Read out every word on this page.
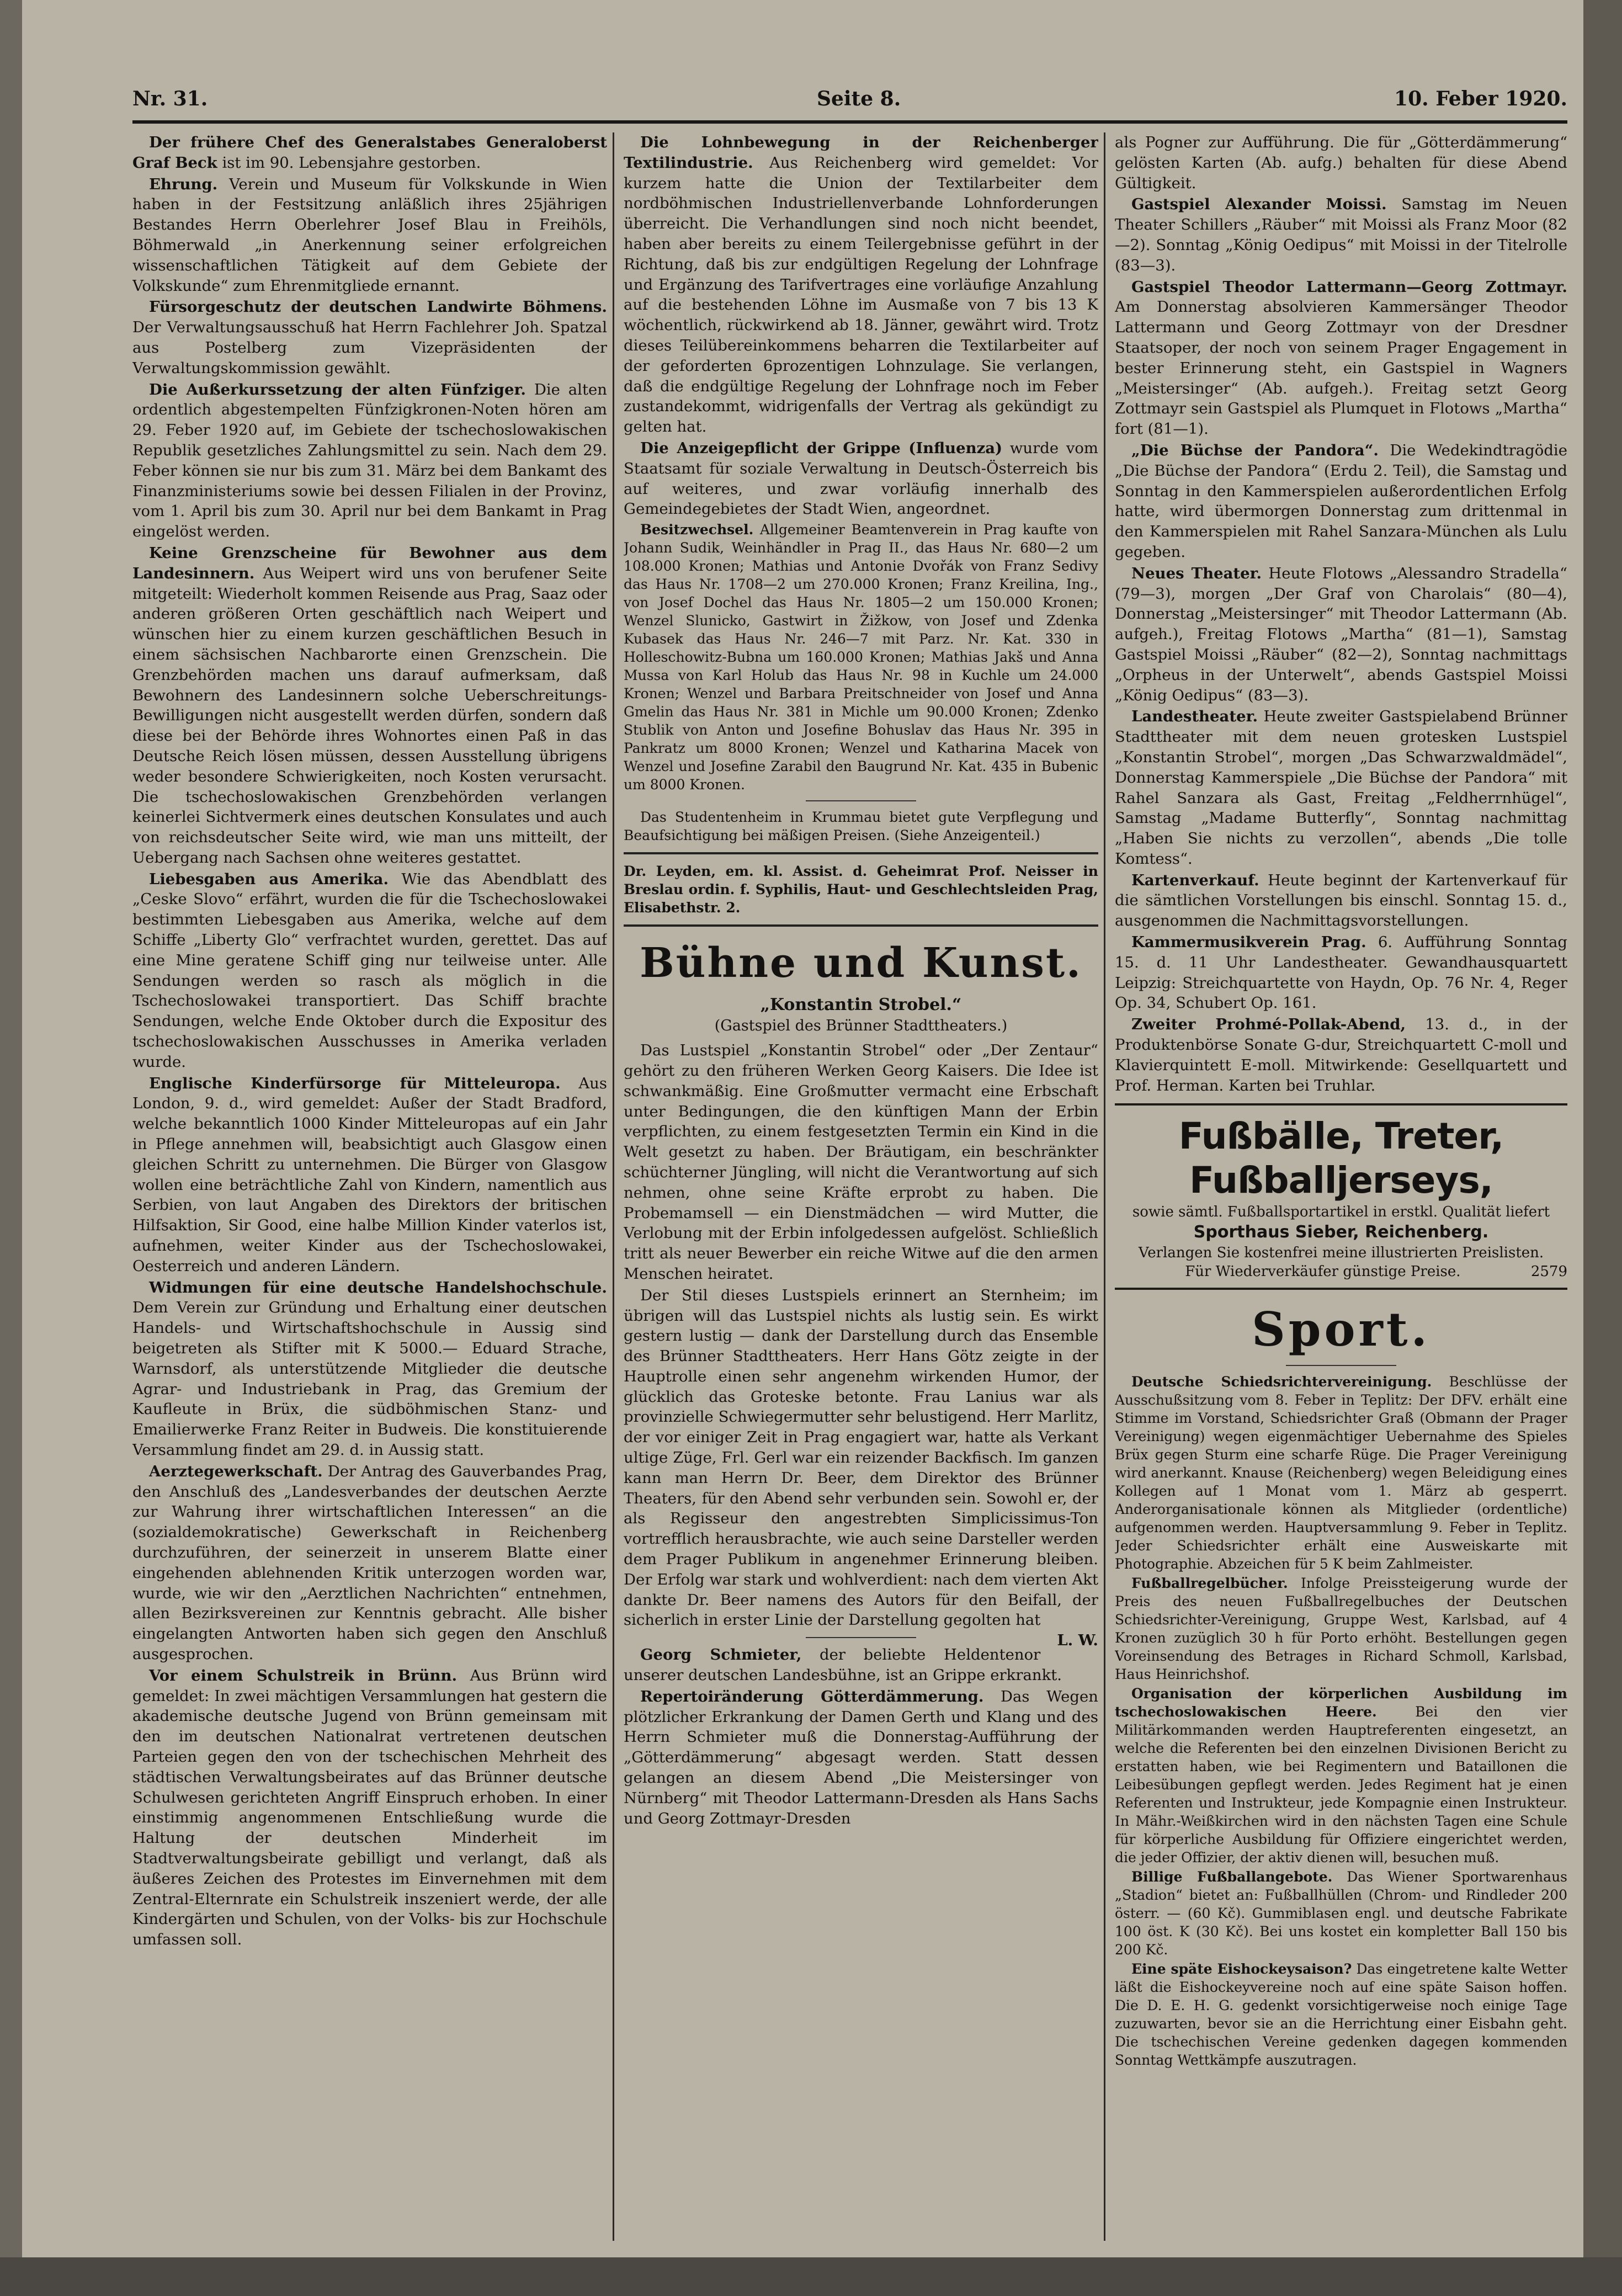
Nr. 31.	Seite 8.	10. Feber 1920.

Der frühere Chef des Generalstabes Generaloberst Graf Beck ist im 90. Lebensjahre gestorben.

Ehrung. Verein und Museum für Volkskunde in Wien haben in der Festsitzung anläßlich ihres 25jährigen Bestandes Herrn Oberlehrer Josef Blau in Freihöls, Böhmerwald „in Anerkennung seiner erfolgreichen wissenschaftlichen Tätigkeit auf dem Gebiete der Volkskunde“ zum Ehrenmitgliede ernannt.

Fürsorgeschutz der deutschen Landwirte Böhmens. Der Verwaltungsausschuß hat Herrn Fachlehrer Joh. Spatzal aus Postelberg zum Vizepräsidenten der Verwaltungskommission gewählt.

Die Außerkurssetzung der alten Fünfziger. Die alten ordentlich abgestempelten Fünfzigkronen-Noten hören am 29. Feber 1920 auf, im Gebiete der tschechoslowakischen Republik gesetzliches Zahlungsmittel zu sein. Nach dem 29. Feber können sie nur bis zum 31. März bei dem Bankamt des Finanzministeriums sowie bei dessen Filialen in der Provinz, vom 1. April bis zum 30. April nur bei dem Bankamt in Prag eingelöst werden.

Keine Grenzscheine für Bewohner aus dem Landesinnern. Aus Weipert wird uns von berufener Seite mitgeteilt: Wiederholt kommen Reisende aus Prag, Saaz oder anderen größeren Orten geschäftlich nach Weipert und wünschen hier zu einem kurzen geschäftlichen Besuch in einem sächsischen Nachbarorte einen Grenzschein. Die Grenzbehörden machen uns darauf aufmerksam, daß Bewohnern des Landesinnern solche Ueberschreitungs-Bewilligungen nicht ausgestellt werden dürfen, sondern daß diese bei der Behörde ihres Wohnortes einen Paß in das Deutsche Reich lösen müssen, dessen Ausstellung übrigens weder besondere Schwierigkeiten, noch Kosten verursacht. Die tschechoslowakischen Grenzbehörden verlangen keinerlei Sichtvermerk eines deutschen Konsulates und auch von reichsdeutscher Seite wird, wie man uns mitteilt, der Uebergang nach Sachsen ohne weiteres gestattet.

Liebesgaben aus Amerika. Wie das Abendblatt des „Ceske Slovo“ erfährt, wurden die für die Tschechoslowakei bestimmten Liebesgaben aus Amerika, welche auf dem Schiffe „Liberty Glo“ verfrachtet wurden, gerettet. Das auf eine Mine geratene Schiff ging nur teilweise unter. Alle Sendungen werden so rasch als möglich in die Tschechoslowakei transportiert. Das Schiff brachte Sendungen, welche Ende Oktober durch die Expositur des tschechoslowakischen Ausschusses in Amerika verladen wurde.

Englische Kinderfürsorge für Mitteleuropa. Aus London, 9. d., wird gemeldet: Außer der Stadt Bradford, welche bekanntlich 1000 Kinder Mitteleuropas auf ein Jahr in Pflege annehmen will, beabsichtigt auch Glasgow einen gleichen Schritt zu unternehmen. Die Bürger von Glasgow wollen eine beträchtliche Zahl von Kindern, namentlich aus Serbien, von laut Angaben des Direktors der britischen Hilfsaktion, Sir Good, eine halbe Million Kinder vaterlos ist, aufnehmen, weiter Kinder aus der Tschechoslowakei, Oesterreich und anderen Ländern.

Widmungen für eine deutsche Handelshochschule. Dem Verein zur Gründung und Erhaltung einer deutschen Handels- und Wirtschaftshochschule in Aussig sind beigetreten als Stifter mit K 5000.— Eduard Strache, Warnsdorf, als unterstützende Mitglieder die deutsche Agrar- und Industriebank in Prag, das Gremium der Kaufleute in Brüx, die südböhmischen Stanz- und Emailierwerke Franz Reiter in Budweis. Die konstituierende Versammlung findet am 29. d. in Aussig statt.

Aerztegewerkschaft. Der Antrag des Gauverbandes Prag, den Anschluß des „Landesverbandes der deutschen Aerzte zur Wahrung ihrer wirtschaftlichen Interessen“ an die (sozialdemokratische) Gewerkschaft in Reichenberg durchzuführen, der seinerzeit in unserem Blatte einer eingehenden ablehnenden Kritik unterzogen worden war, wurde, wie wir den „Aerztlichen Nachrichten“ entnehmen, allen Bezirksvereinen zur Kenntnis gebracht. Alle bisher eingelangten Antworten haben sich gegen den Anschluß ausgesprochen.

Vor einem Schulstreik in Brünn. Aus Brünn wird gemeldet: In zwei mächtigen Versammlungen hat gestern die akademische deutsche Jugend von Brünn gemeinsam mit den im deutschen Nationalrat vertretenen deutschen Parteien gegen den von der tschechischen Mehrheit des städtischen Verwaltungsbeirates auf das Brünner deutsche Schulwesen gerichteten Angriff Einspruch erhoben. In einer einstimmig angenommenen Entschließung wurde die Haltung der deutschen Minderheit im Stadtverwaltungsbeirate gebilligt und verlangt, daß als äußeres Zeichen des Protestes im Einvernehmen mit dem Zentral-Elternrate ein Schulstreik inszeniert werde, der alle Kindergärten und Schulen, von der Volks- bis zur Hochschule umfassen soll.

Die Lohnbewegung in der Reichenberger Textilindustrie. Aus Reichenberg wird gemeldet: Vor kurzem hatte die Union der Textilarbeiter dem nordböhmischen Industriellenverbande Lohnforderungen überreicht. Die Verhandlungen sind noch nicht beendet, haben aber bereits zu einem Teilergebnisse geführt in der Richtung, daß bis zur endgültigen Regelung der Lohnfrage und Ergänzung des Tarifvertrages eine vorläufige Anzahlung auf die bestehenden Löhne im Ausmaße von 7 bis 13 K wöchentlich, rückwirkend ab 18. Jänner, gewährt wird. Trotz dieses Teilübereinkommens beharren die Textilarbeiter auf der geforderten 6prozentigen Lohnzulage. Sie verlangen, daß die endgültige Regelung der Lohnfrage noch im Feber zustandekommt, widrigenfalls der Vertrag als gekündigt zu gelten hat.

Die Anzeigepflicht der Grippe (Influenza) wurde vom Staatsamt für soziale Verwaltung in Deutsch-Österreich bis auf weiteres, und zwar vorläufig innerhalb des Gemeindegebietes der Stadt Wien, angeordnet.

Besitzwechsel. Allgemeiner Beamtenverein in Prag kaufte von Johann Sudik, Weinhändler in Prag II., das Haus Nr. 680—2 um 108.000 Kronen; Mathias und Antonie Dvořák von Franz Sedivy das Haus Nr. 1708—2 um 270.000 Kronen; Franz Kreilina, Ing., von Josef Dochel das Haus Nr. 1805—2 um 150.000 Kronen; Wenzel Slunicko, Gastwirt in Žižkow, von Josef und Zdenka Kubasek das Haus Nr. 246—7 mit Parz. Nr. Kat. 330 in Holleschowitz-Bubna um 160.000 Kronen; Mathias Jakš und Anna Mussa von Karl Holub das Haus Nr. 98 in Kuchle um 24.000 Kronen; Wenzel und Barbara Preitschneider von Josef und Anna Gmelin das Haus Nr. 381 in Michle um 90.000 Kronen; Zdenko Stublik von Anton und Josefine Bohuslav das Haus Nr. 395 in Pankratz um 8000 Kronen; Wenzel und Katharina Macek von Wenzel und Josefine Zarabil den Baugrund Nr. Kat. 435 in Bubenic um 8000 Kronen.

Das Studentenheim in Krummau bietet gute Verpflegung und Beaufsichtigung bei mäßigen Preisen. (Siehe Anzeigenteil.)

Dr. Leyden, em. kl. Assist. d. Geheimrat Prof. Neisser in Breslau ordin. f. Syphilis, Haut- und Geschlechtsleiden Prag, Elisabethstr. 2.

Bühne und Kunst.
„Konstantin Strobel.“
(Gastspiel des Brünner Stadttheaters.)

Das Lustspiel „Konstantin Strobel“ oder „Der Zentaur“ gehört zu den früheren Werken Georg Kaisers. Die Idee ist schwankmäßig. Eine Großmutter vermacht eine Erbschaft unter Bedingungen, die den künftigen Mann der Erbin verpflichten, zu einem festgesetzten Termin ein Kind in die Welt gesetzt zu haben. Der Bräutigam, ein beschränkter schüchterner Jüngling, will nicht die Verantwortung auf sich nehmen, ohne seine Kräfte erprobt zu haben. Die Probemamsell — ein Dienstmädchen — wird Mutter, die Verlobung mit der Erbin infolgedessen aufgelöst. Schließlich tritt als neuer Bewerber ein reiche Witwe auf die den armen Menschen heiratet.

Der Stil dieses Lustspiels erinnert an Sternheim; im übrigen will das Lustspiel nichts als lustig sein. Es wirkt gestern lustig — dank der Darstellung durch das Ensemble des Brünner Stadttheaters. Herr Hans Götz zeigte in der Hauptrolle einen sehr angenehm wirkenden Humor, der glücklich das Groteske betonte. Frau Lanius war als provinzielle Schwiegermutter sehr belustigend. Herr Marlitz, der vor einiger Zeit in Prag engagiert war, hatte als Verkant ultige Züge, Frl. Gerl war ein reizender Backfisch. Im ganzen kann man Herrn Dr. Beer, dem Direktor des Brünner Theaters, für den Abend sehr verbunden sein. Sowohl er, der als Regisseur den angestrebten Simplicissimus-Ton vortrefflich herausbrachte, wie auch seine Darsteller werden dem Prager Publikum in angenehmer Erinnerung bleiben. Der Erfolg war stark und wohlverdient: nach dem vierten Akt dankte Dr. Beer namens des Autors für den Beifall, der sicherlich in erster Linie der Darstellung gegolten hat
L. W.

Georg Schmieter, der beliebte Heldentenor unserer deutschen Landesbühne, ist an Grippe erkrankt.

Repertoiränderung Götterdämmerung. Das Wegen plötzlicher Erkrankung der Damen Gerth und Klang und des Herrn Schmieter muß die Donnerstag-Aufführung der „Götterdämmerung“ abgesagt werden. Statt dessen gelangen an diesem Abend „Die Meistersinger von Nürnberg“ mit Theodor Lattermann-Dresden als Hans Sachs und Georg Zottmayr-Dresden

als Pogner zur Aufführung. Die für „Götterdämmerung“ gelösten Karten (Ab. aufg.) behalten für diese Abend Gültigkeit.

Gastspiel Alexander Moissi. Samstag im Neuen Theater Schillers „Räuber“ mit Moissi als Franz Moor (82—2). Sonntag „König Oedipus“ mit Moissi in der Titelrolle (83—3).

Gastspiel Theodor Lattermann—Georg Zottmayr. Am Donnerstag absolvieren Kammersänger Theodor Lattermann und Georg Zottmayr von der Dresdner Staatsoper, der noch von seinem Prager Engagement in bester Erinnerung steht, ein Gastspiel in Wagners „Meistersinger“ (Ab. aufgeh.). Freitag setzt Georg Zottmayr sein Gastspiel als Plumquet in Flotows „Martha“ fort (81—1).

„Die Büchse der Pandora“. Die Wedekindtragödie „Die Büchse der Pandora“ (Erdu 2. Teil), die Samstag und Sonntag in den Kammerspielen außerordentlichen Erfolg hatte, wird übermorgen Donnerstag zum drittenmal in den Kammerspielen mit Rahel Sanzara-München als Lulu gegeben.

Neues Theater. Heute Flotows „Alessandro Stradella“ (79—3), morgen „Der Graf von Charolais“ (80—4), Donnerstag „Meistersinger“ mit Theodor Lattermann (Ab. aufgeh.), Freitag Flotows „Martha“ (81—1), Samstag Gastspiel Moissi „Räuber“ (82—2), Sonntag nachmittags „Orpheus in der Unterwelt“, abends Gastspiel Moissi „König Oedipus“ (83—3).

Landestheater. Heute zweiter Gastspielabend Brünner Stadttheater mit dem neuen grotesken Lustspiel „Konstantin Strobel“, morgen „Das Schwarzwaldmädel“, Donnerstag Kammerspiele „Die Büchse der Pandora“ mit Rahel Sanzara als Gast, Freitag „Feldherrnhügel“, Samstag „Madame Butterfly“, Sonntag nachmittag „Haben Sie nichts zu verzollen“, abends „Die tolle Komtess“.

Kartenverkauf. Heute beginnt der Kartenverkauf für die sämtlichen Vorstellungen bis einschl. Sonntag 15. d., ausgenommen die Nachmittagsvorstellungen.

Kammermusikverein Prag. 6. Aufführung Sonntag 15. d. 11 Uhr Landestheater. Gewandhausquartett Leipzig: Streichquartette von Haydn, Op. 76 Nr. 4, Reger Op. 34, Schubert Op. 161.

Zweiter Prohmé-Pollak-Abend, 13. d., in der Produktenbörse Sonate G-dur, Streichquartett C-moll und Klavierquintett E-moll. Mitwirkende: Gesellquartett und Prof. Herman. Karten bei Truhlar.

Fußbälle, Treter, Fußballjerseys,
sowie sämtl. Fußballsportartikel in erstkl. Qualität liefert
Sporthaus Sieber, Reichenberg.
Verlangen Sie kostenfrei meine illustrierten Preislisten.
Für Wiederverkäufer günstige Preise.	2579
Sport.

Deutsche Schiedsrichtervereinigung. Beschlüsse der Ausschußsitzung vom 8. Feber in Teplitz: Der DFV. erhält eine Stimme im Vorstand, Schiedsrichter Graß (Obmann der Prager Vereinigung) wegen eigenmächtiger Uebernahme des Spieles Brüx gegen Sturm eine scharfe Rüge. Die Prager Vereinigung wird anerkannt. Knause (Reichenberg) wegen Beleidigung eines Kollegen auf 1 Monat vom 1. März ab gesperrt. Anderorganisationale können als Mitglieder (ordentliche) aufgenommen werden. Hauptversammlung 9. Feber in Teplitz. Jeder Schiedsrichter erhält eine Ausweiskarte mit Photographie. Abzeichen für 5 K beim Zahlmeister.

Fußballregelbücher. Infolge Preissteigerung wurde der Preis des neuen Fußballregelbuches der Deutschen Schiedsrichter-Vereinigung, Gruppe West, Karlsbad, auf 4 Kronen zuzüglich 30 h für Porto erhöht. Bestellungen gegen Voreinsendung des Betrages in Richard Schmoll, Karlsbad, Haus Heinrichshof.

Organisation der körperlichen Ausbildung im tschechoslowakischen Heere.	Bei den vier Militärkommanden werden Hauptreferenten eingesetzt, an welche die Referenten bei den einzelnen Divisionen Bericht zu erstatten haben, wie bei Regimentern und Bataillonen die Leibesübungen gepflegt werden. Jedes Regiment hat je einen Referenten und Instrukteur, jede Kompagnie einen Instrukteur. In Mähr.-Weißkirchen wird in den nächsten Tagen eine Schule für körperliche Ausbildung für Offiziere eingerichtet werden, die jeder Offizier, der aktiv dienen will, besuchen muß.

Billige Fußballangebote. Das Wiener Sportwarenhaus „Stadion“ bietet an: Fußballhüllen (Chrom- und Rindleder 200 österr. — (60 Kč). Gummiblasen engl. und deutsche Fabrikate 100 öst. K (30 Kč). Bei uns kostet ein kompletter Ball 150 bis 200 Kč.

Eine späte Eishockeysaison? Das eingetretene kalte Wetter läßt die Eishockeyvereine noch auf eine späte Saison hoffen. Die D. E. H. G. gedenkt vorsichtigerweise noch einige Tage zuzuwarten, bevor sie an die Herrichtung einer Eisbahn geht. Die tschechischen Vereine gedenken dagegen kommenden Sonntag Wettkämpfe auszutragen.
